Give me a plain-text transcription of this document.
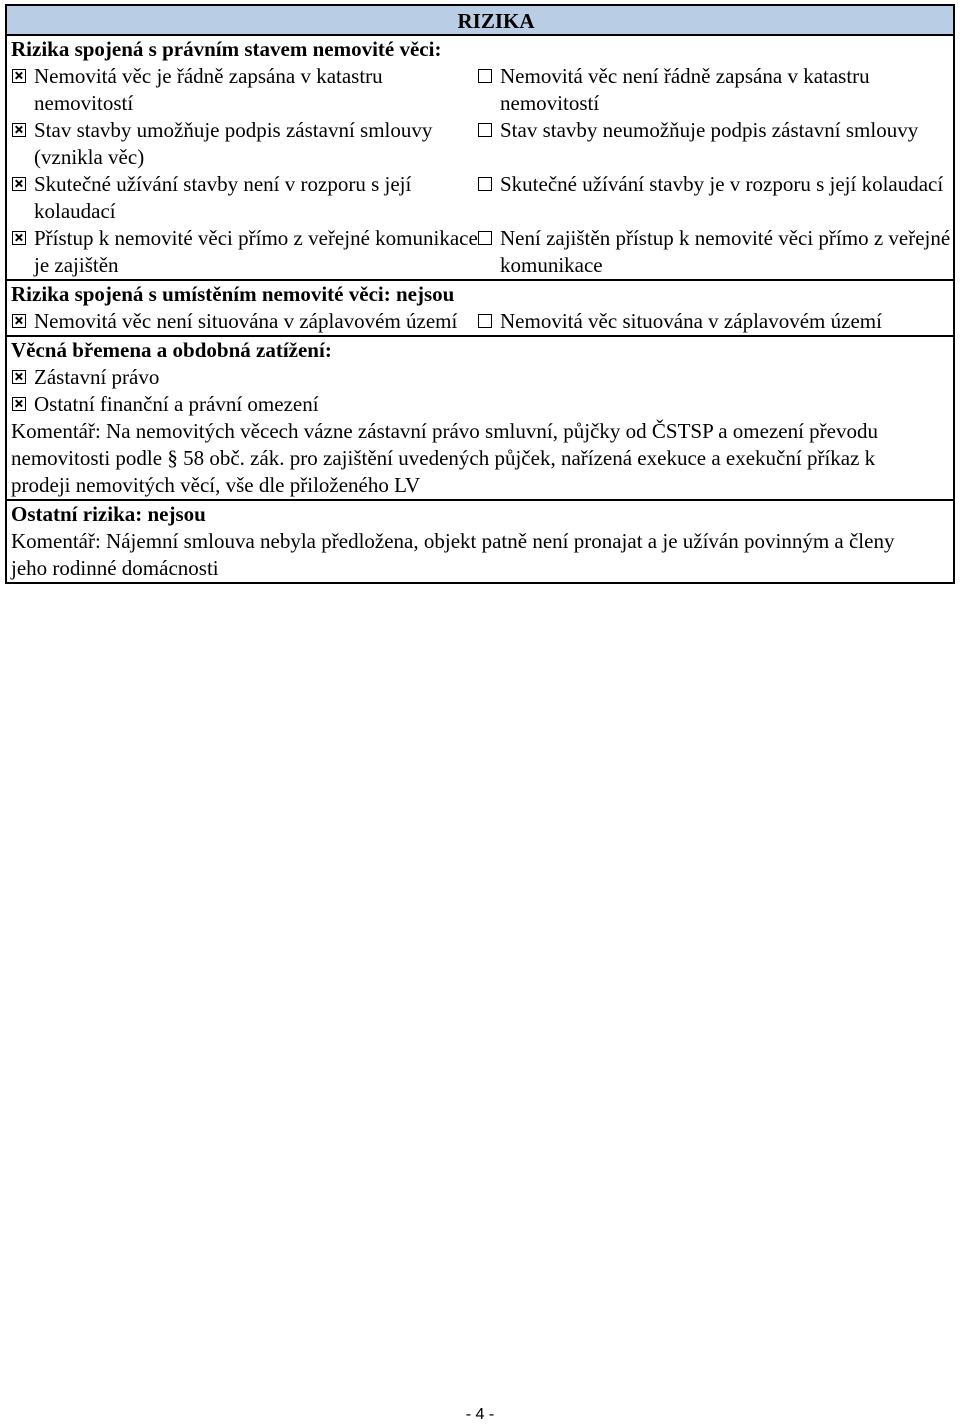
RIZIKA
Rizika spojená s právním stavem nemovité věci:
Nemovitá věc je řádně zapsána v katastru nemovitostí
Nemovitá věc není řádně zapsána v katastru nemovitostí
Stav stavby umožňuje podpis zástavní smlouvy (vznikla věc)
Stav stavby neumožňuje podpis zástavní smlouvy
Skutečné užívání stavby není v rozporu s její kolaudací
Skutečné užívání stavby je v rozporu s její kolaudací
Přístup k nemovité věci přímo z veřejné komunikace je zajištěn
Není zajištěn přístup k nemovité věci přímo z veřejné komunikace
Rizika spojená s umístěním nemovité věci: nejsou
Nemovitá věc není situována v záplavovém území	Nemovitá věc situována v záplavovém území
Věcná břemena a obdobná zatížení:
Zástavní právo
Ostatní finanční a právní omezení
Komentář: Na nemovitých věcech vázne zástavní právo smluvní, půjčky od ČSTSP a omezení převodu nemovitosti podle § 58 obč. zák. pro zajištění uvedených půjček, nařízená exekuce a exekuční příkaz k prodeji nemovitých věcí, vše dle přiloženého LV
Ostatní rizika: nejsou
Komentář: Nájemní smlouva nebyla předložena, objekt patně není pronajat a je užíván povinným a členy jeho rodinné domácnosti
- 4 -
